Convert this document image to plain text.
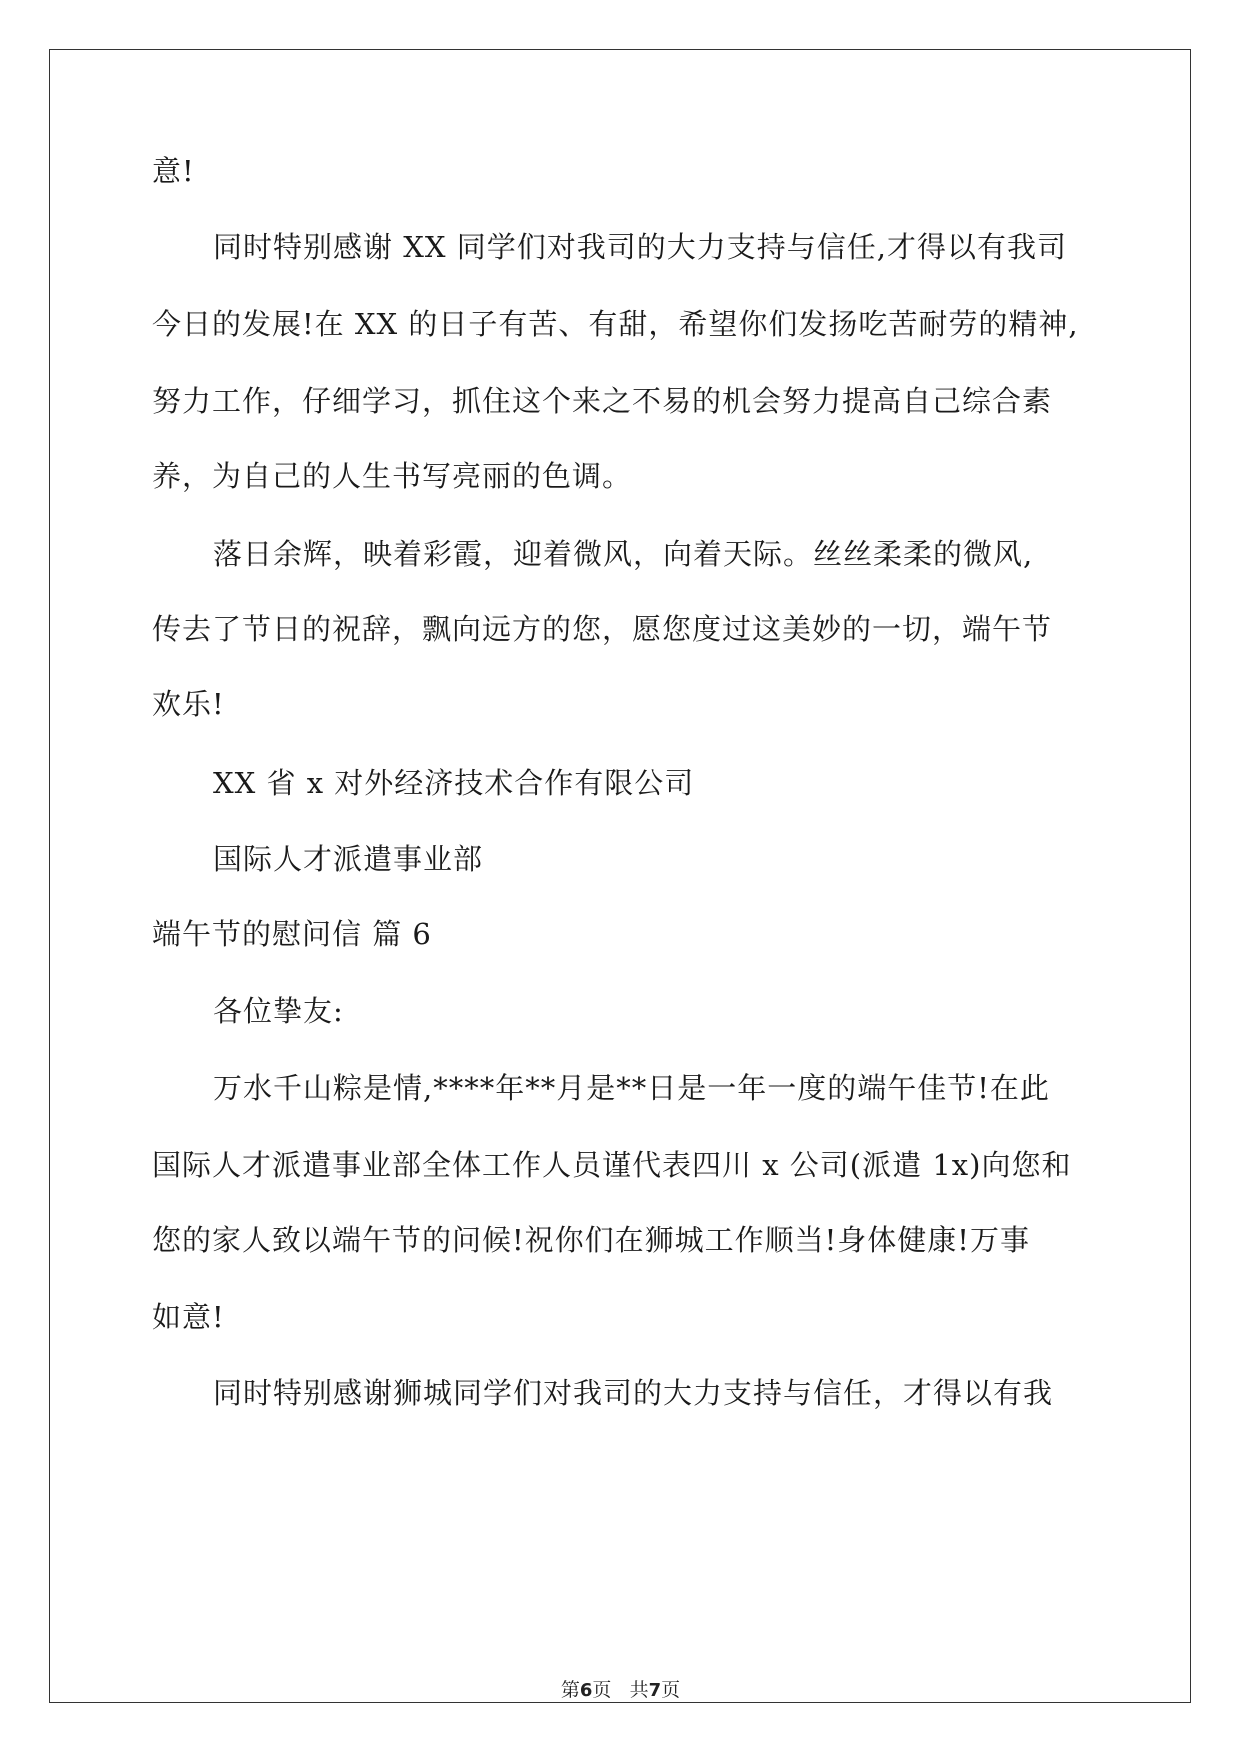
意!
同时特别感谢 XX 同学们对我司的大力支持与信任,才得以有我司
今日的发展!在 XX 的日子有苦、有甜，希望你们发扬吃苦耐劳的精神,
努力工作，仔细学习，抓住这个来之不易的机会努力提高自己综合素
养，为自己的人生书写亮丽的色调。
落日余辉，映着彩霞，迎着微风，向着天际。丝丝柔柔的微风,
传去了节日的祝辞，飘向远方的您，愿您度过这美妙的一切，端午节
欢乐!
XX 省 x 对外经济技术合作有限公司
国际人才派遣事业部
端午节的慰问信 篇 6
各位挚友:
万水千山粽是情,****年**月是**日是一年一度的端午佳节!在此
国际人才派遣事业部全体工作人员谨代表四川 x 公司(派遣 1x)向您和
您的家人致以端午节的问候!祝你们在狮城工作顺当!身体健康!万事
如意!
同时特别感谢狮城同学们对我司的大力支持与信任，才得以有我
第6页 共7页
